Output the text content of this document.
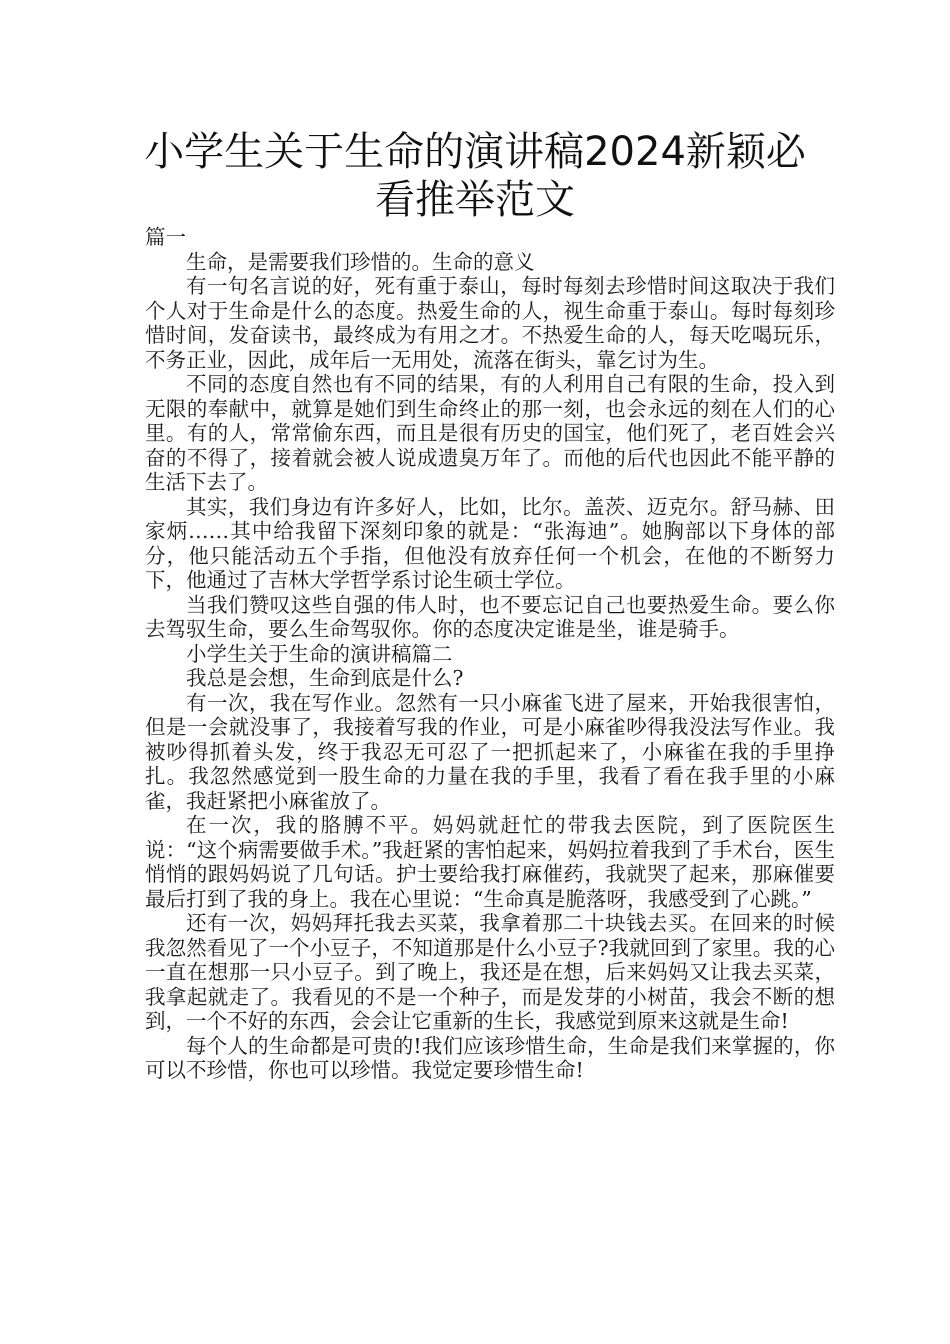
小学生关于生命的演讲稿2024新颖必
看推举范文

篇一

生命，是需要我们珍惜的。生命的意义

有一句名言说的好，死有重于泰山，每时每刻去珍惜时间这取决于我们个人对于生命是什么的态度。热爱生命的人，视生命重于泰山。每时每刻珍惜时间，发奋读书，最终成为有用之才。不热爱生命的人，每天吃喝玩乐，不务正业，因此，成年后一无用处，流落在街头，靠乞讨为生。

不同的态度自然也有不同的结果，有的人利用自己有限的生命，投入到无限的奉献中，就算是她们到生命终止的那一刻，也会永远的刻在人们的心里。有的人，常常偷东西，而且是很有历史的国宝，他们死了，老百姓会兴奋的不得了，接着就会被人说成遗臭万年了。而他的后代也因此不能平静的生活下去了。

其实，我们身边有许多好人，比如，比尔。盖茨、迈克尔。舒马赫、田家炳……其中给我留下深刻印象的就是：“张海迪”。她胸部以下身体的部分，他只能活动五个手指，但他没有放弃任何一个机会，在他的不断努力下，他通过了吉林大学哲学系讨论生硕士学位。

当我们赞叹这些自强的伟人时，也不要忘记自己也要热爱生命。要么你去驾驭生命，要么生命驾驭你。你的态度决定谁是坐，谁是骑手。

小学生关于生命的演讲稿篇二

我总是会想，生命到底是什么?

有一次，我在写作业。忽然有一只小麻雀飞进了屋来，开始我很害怕，但是一会就没事了，我接着写我的作业，可是小麻雀吵得我没法写作业。我被吵得抓着头发，终于我忍无可忍了一把抓起来了，小麻雀在我的手里挣扎。我忽然感觉到一股生命的力量在我的手里，我看了看在我手里的小麻雀，我赶紧把小麻雀放了。

在一次，我的胳膊不平。妈妈就赶忙的带我去医院，到了医院医生说：“这个病需要做手术。”我赶紧的害怕起来，妈妈拉着我到了手术台，医生悄悄的跟妈妈说了几句话。护士要给我打麻催药，我就哭了起来，那麻催要最后打到了我的身上。我在心里说：“生命真是脆落呀，我感受到了心跳。”

还有一次，妈妈拜托我去买菜，我拿着那二十块钱去买。在回来的时候我忽然看见了一个小豆子，不知道那是什么小豆子?我就回到了家里。我的心一直在想那一只小豆子。到了晚上，我还是在想，后来妈妈又让我去买菜，我拿起就走了。我看见的不是一个种子，而是发芽的小树苗，我会不断的想到，一个不好的东西，会会让它重新的生长，我感觉到原来这就是生命!

每个人的生命都是可贵的!我们应该珍惜生命，生命是我们来掌握的，你可以不珍惜，你也可以珍惜。我觉定要珍惜生命!
